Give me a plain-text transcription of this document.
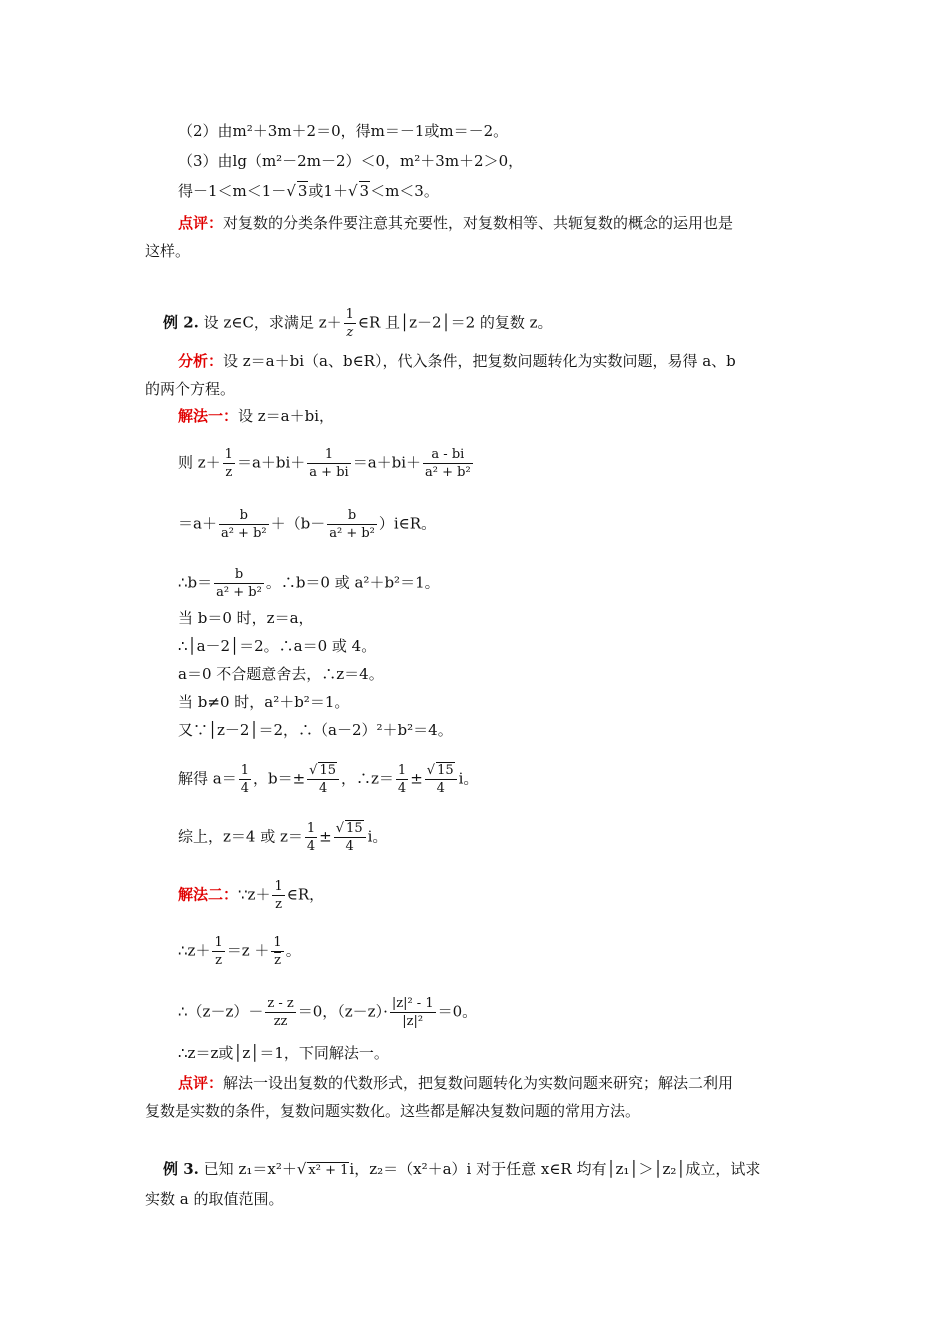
（2）由m²＋3m＋2＝0，得m＝－1或m＝－2。
（3）由lg（m²－2m－2）＜0，m²＋3m＋2＞0，
得－1＜m＜1－√ 3或1＋√ 3＜m＜3。
点评：对复数的分类条件要注意其充要性，对复数相等、共轭复数的概念的运用也是
这样。
例 2. 设 z∈C，求满足 $z+ \frac{1}{z}$ ∈R 且│z－2│＝2 的复数 z。
分析：设 z＝a＋bi（a、b∈R），代入条件，把复数问题转化为实数问题，易得 a、b
的两个方程。
解法一：设 z＝a＋bi，
则 $z+ \frac{1}{z} =a+bi+ \frac{1}{a + bi} =a+bi+ \frac{a - bi}{\text{a² + b²}}$
$=a+ \frac{b}{\text{a² + b²}} +(b- \frac{b}{\text{a² + b²}}$ ）i∈R。
∴b＝ $\frac{b}{\text{a² + b²}}$ 。∴b＝0 或 a²＋b²＝1。
当 b＝0 时，z＝a，
∴│a－2│＝2。∴a＝0 或 4。
a＝0 不合题意舍去，∴z＝4。
当 b≠0 时，a²＋b²＝1。
又∵│z－2│＝2，∴（a－2）²＋b²＝4。
解得 $a= \frac{1}{4}$ ，$b=\pm \frac{√ 15}{4}$ ，∴z＝ $\frac{1}{4} \pm \frac{√ 15}{4}$ i。
综上，z＝4 或 $z= \frac{1}{4} \pm \frac{√ 15}{4}$ i。
解法二：∵z＋ $\frac{1}{z}$ ∈R，
∴z＋ $\frac{1}{z} =z + \frac{1}{z}$ 。
∴（z－z）－ $\frac{z - z}{zz} =0$，$(z-z)\cdot \frac{\text{|z|² - 1}}{\text{|z|²}} =0$。
∴z＝z或│z│＝1，下同解法一。
点评：解法一设出复数的代数形式，把复数问题转化为实数问题来研究；解法二利用
复数是实数的条件，复数问题实数化。这些都是解决复数问题的常用方法。
例 3. 已知 z₁＝x²＋√ x² + 1i，z₂＝（x²＋a）i 对于任意 x∈R 均有│z₁│＞│z₂│成立，试求
实数 a 的取值范围。
